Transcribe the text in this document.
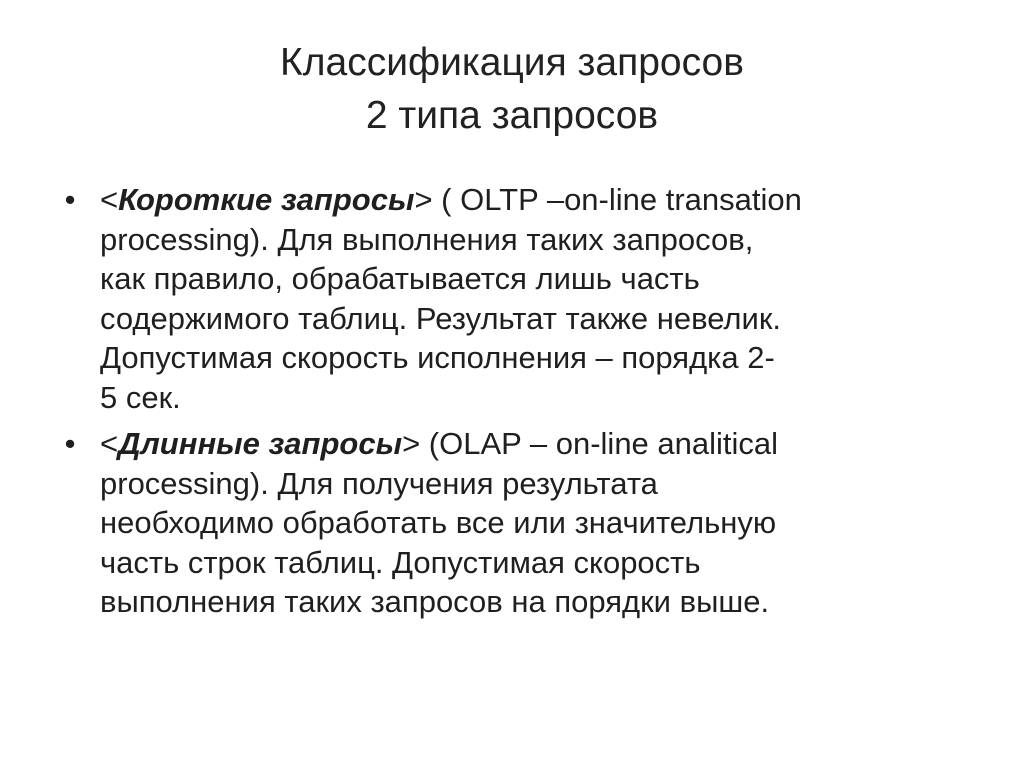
Классификация запросов
2 типа запросов
• <Короткие запросы> ( OLTP –on-line transation
processing). Для выполнения таких запросов,
как правило, обрабатывается лишь часть
содержимого таблиц. Результат также невелик.
Допустимая скорость исполнения – порядка 2-
5 сек.
• <Длинные запросы> (OLAP – on-line analitical
processing). Для получения результата
необходимо обработать все или значительную
часть строк таблиц. Допустимая скорость
выполнения таких запросов на порядки выше.
